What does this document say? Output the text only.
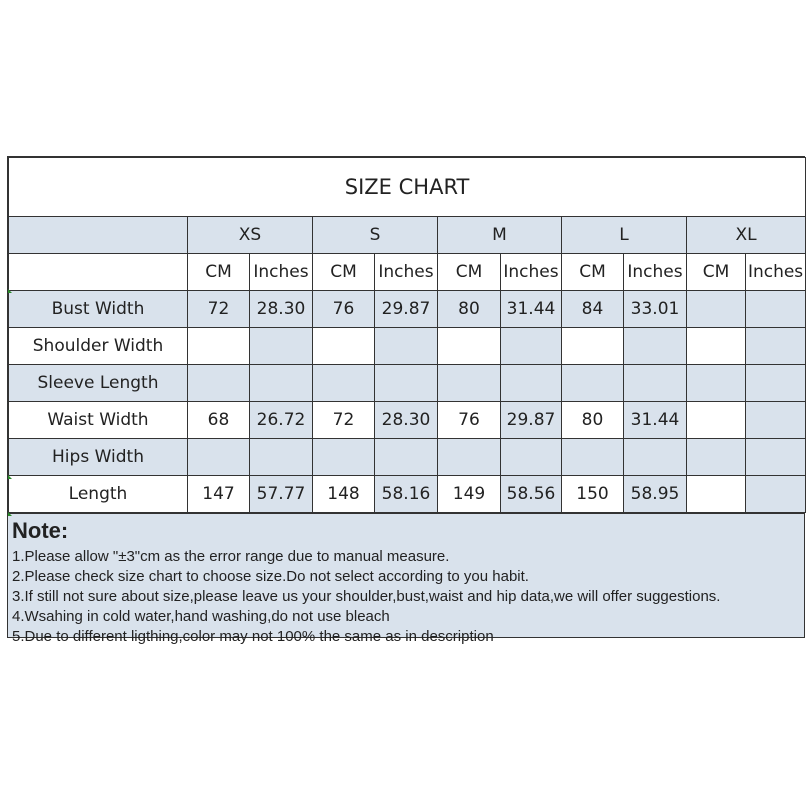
SIZE CHART										
	XS		S		M		L		XL	
	CM	Inches	CM	Inches	CM	Inches	CM	Inches	CM	Inches
Bust Width	72	28.30	76	29.87	80	31.44	84	33.01		
Shoulder Width										
Sleeve Length										
Waist Width	68	26.72	72	28.30	76	29.87	80	31.44		
Hips Width										
Length	147	57.77	148	58.16	149	58.56	150	58.95		
Note:
1.Please allow "±3"cm as the error range due to manual measure.
2.Please check size chart to choose size.Do not select according to you habit.
3.If still not sure about size,please leave us your shoulder,bust,waist and hip data,we will offer suggestions.
4.Wsahing in cold water,hand washing,do not use bleach
5.Due to different ligthing,color may not 100% the same as in description
